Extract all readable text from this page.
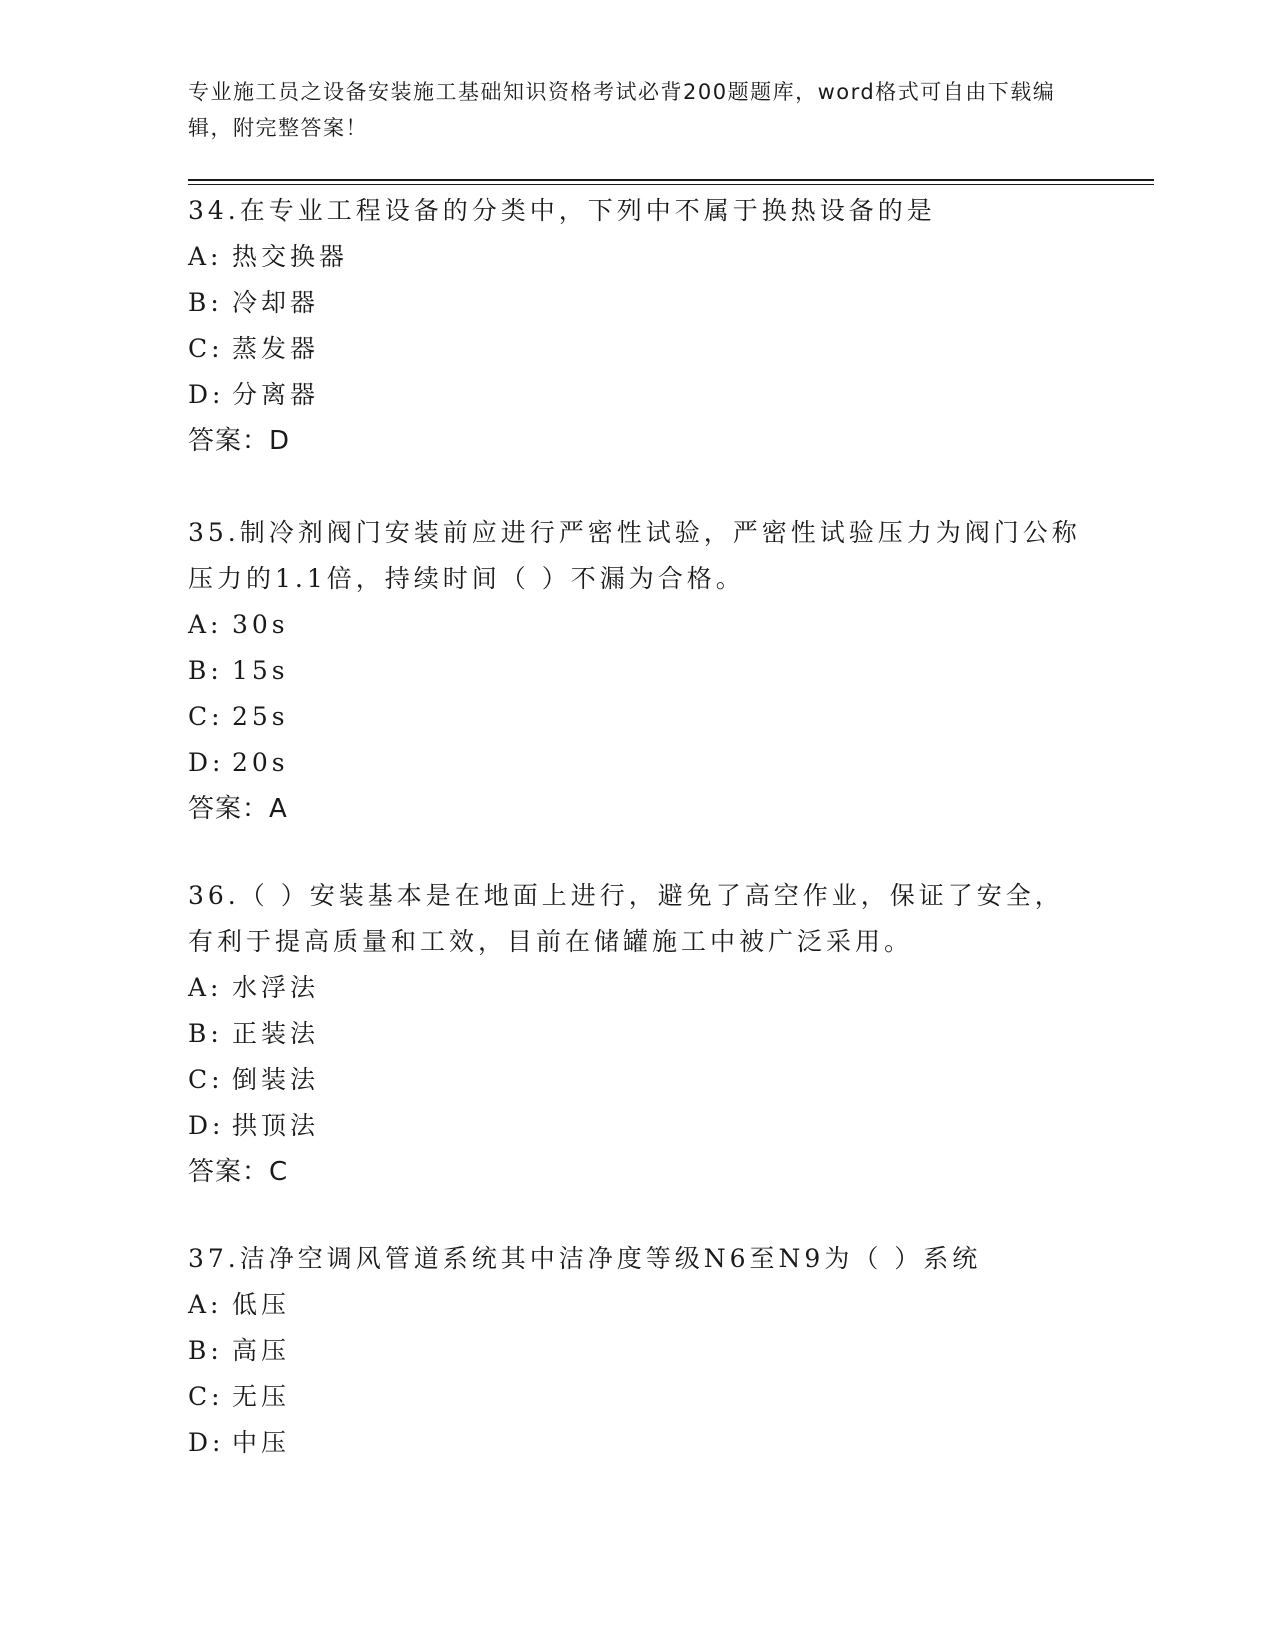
专业施工员之设备安装施工基础知识资格考试必背200题题库，word格式可自由下载编辑，附完整答案！
34.在专业工程设备的分类中，下列中不属于换热设备的是
A: 热交换器
B: 冷却器
C: 蒸发器
D: 分离器
答案：D
35.制冷剂阀门安装前应进行严密性试验，严密性试验压力为阀门公称压力的1.1倍，持续时间（ ）不漏为合格。
A: 30s
B: 15s
C: 25s
D: 20s
答案：A
36.（ ）安装基本是在地面上进行，避免了高空作业，保证了安全，有利于提高质量和工效，目前在储罐施工中被广泛采用。
A: 水浮法
B: 正装法
C: 倒装法
D: 拱顶法
答案：C
37.洁净空调风管道系统其中洁净度等级N6至N9为（ ）系统
A: 低压
B: 高压
C: 无压
D: 中压
